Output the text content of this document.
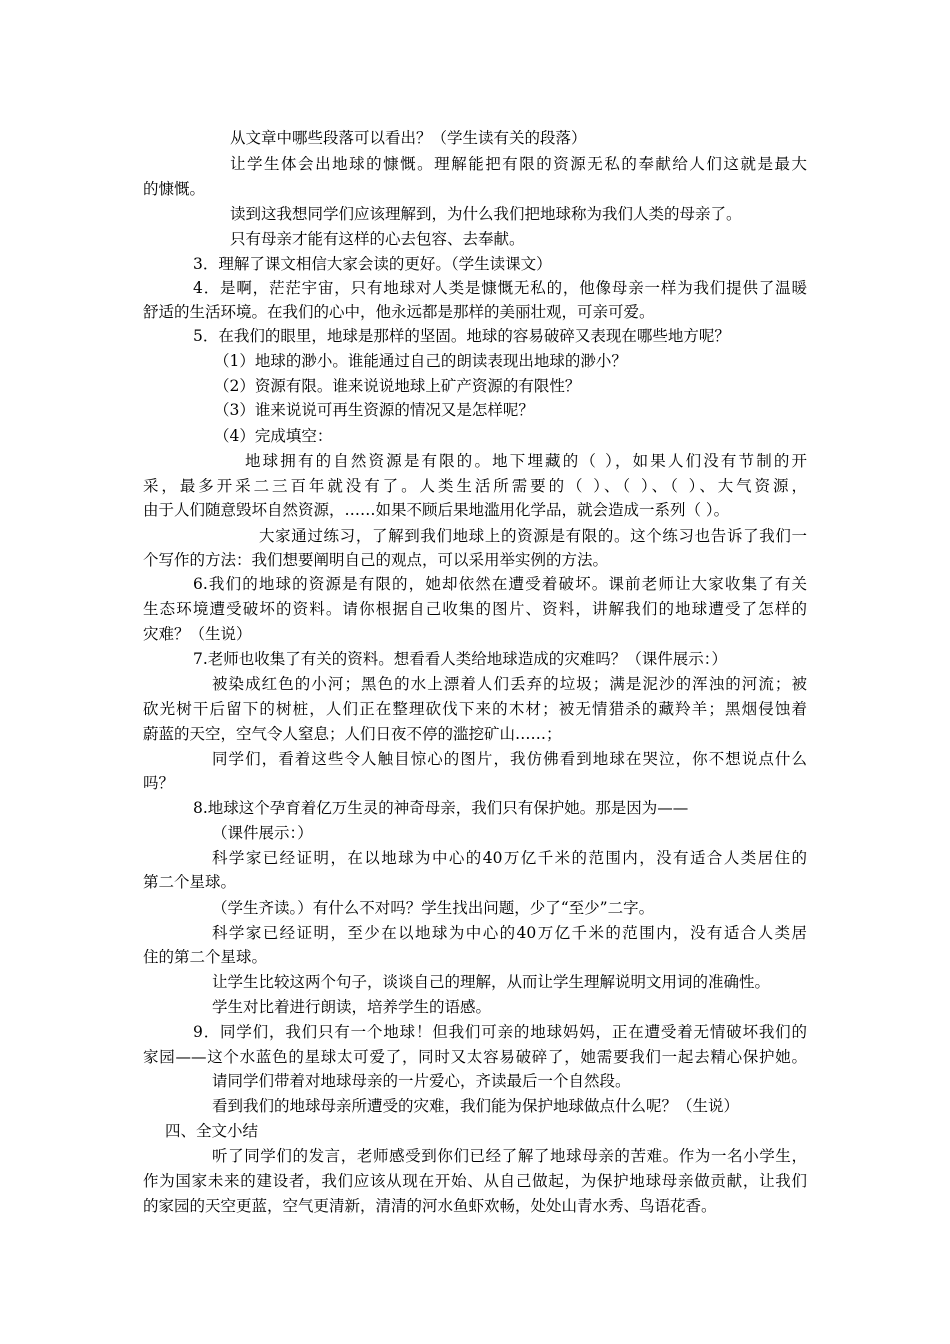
从文章中哪些段落可以看出？（学生读有关的段落）
让学生体会出地球的慷慨。理解能把有限的资源无私的奉献给人们这就是最大
的慷慨。
读到这我想同学们应该理解到，为什么我们把地球称为我们人类的母亲了。
只有母亲才能有这样的心去包容、去奉献。
3．理解了课文相信大家会读的更好。（学生读课文）
4．是啊，茫茫宇宙，只有地球对人类是慷慨无私的，他像母亲一样为我们提供了温暖
舒适的生活环境。在我们的心中，他永远都是那样的美丽壮观，可亲可爱。
5．在我们的眼里，地球是那样的坚固。地球的容易破碎又表现在哪些地方呢？
（1）地球的渺小。谁能通过自己的朗读表现出地球的渺小？
（2）资源有限。谁来说说地球上矿产资源的有限性？
（3）谁来说说可再生资源的情况又是怎样呢？
（4）完成填空：
地球拥有的自然资源是有限的。地下埋藏的（ ），如果人们没有节制的开
采，最多开采二三百年就没有了。人类生活所需要的（ ）、（ ）、（ ）、大气资源，
由于人们随意毁坏自然资源，……如果不顾后果地滥用化学品，就会造成一系列（ ）。
大家通过练习，了解到我们地球上的资源是有限的。这个练习也告诉了我们一
个写作的方法：我们想要阐明自己的观点，可以采用举实例的方法。
6.我们的地球的资源是有限的，她却依然在遭受着破坏。课前老师让大家收集了有关
生态环境遭受破坏的资料。请你根据自己收集的图片、资料，讲解我们的地球遭受了怎样的
灾难？（生说）
7.老师也收集了有关的资料。想看看人类给地球造成的灾难吗？（课件展示：）
被染成红色的小河；黑色的水上漂着人们丢弃的垃圾；满是泥沙的浑浊的河流；被
砍光树干后留下的树桩，人们正在整理砍伐下来的木材；被无情猎杀的藏羚羊；黑烟侵蚀着
蔚蓝的天空，空气令人窒息；人们日夜不停的滥挖矿山……；
同学们，看着这些令人触目惊心的图片，我仿佛看到地球在哭泣，你不想说点什么
吗？
8.地球这个孕育着亿万生灵的神奇母亲，我们只有保护她。那是因为——
（课件展示：）
科学家已经证明，在以地球为中心的40万亿千米的范围内，没有适合人类居住的
第二个星球。
（学生齐读。）有什么不对吗？学生找出问题，少了“至少”二字。
科学家已经证明，至少在以地球为中心的40万亿千米的范围内，没有适合人类居
住的第二个星球。
让学生比较这两个句子，谈谈自己的理解，从而让学生理解说明文用词的准确性。
学生对比着进行朗读，培养学生的语感。
9．同学们，我们只有一个地球！但我们可亲的地球妈妈，正在遭受着无情破坏我们的
家园——这个水蓝色的星球太可爱了，同时又太容易破碎了，她需要我们一起去精心保护她。
请同学们带着对地球母亲的一片爱心，齐读最后一个自然段。
看到我们的地球母亲所遭受的灾难，我们能为保护地球做点什么呢？（生说）
四、全文小结
听了同学们的发言，老师感受到你们已经了解了地球母亲的苦难。作为一名小学生，
作为国家未来的建设者，我们应该从现在开始、从自己做起，为保护地球母亲做贡献，让我们
的家园的天空更蓝，空气更清新，清清的河水鱼虾欢畅，处处山青水秀、鸟语花香。
